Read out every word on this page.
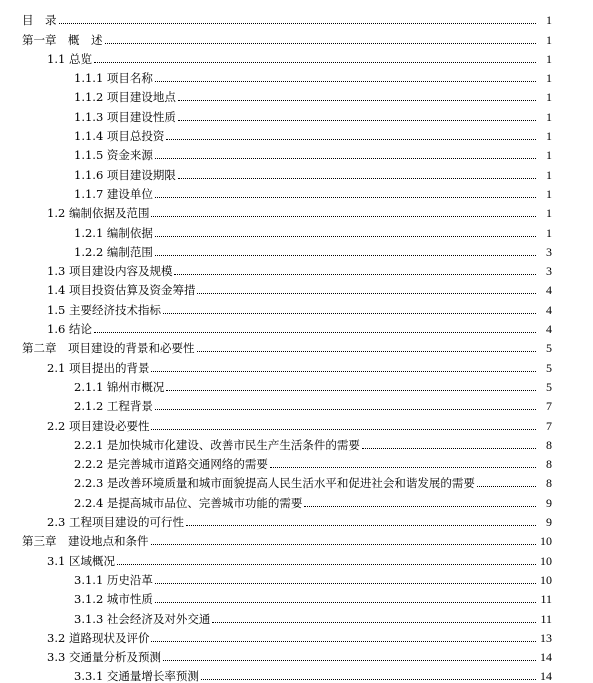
目　录	1
第一章　概　述	1
1.1 总览	1
1.1.1 项目名称	1
1.1.2 项目建设地点	1
1.1.3 项目建设性质	1
1.1.4 项目总投资	1
1.1.5 资金来源	1
1.1.6 项目建设期限	1
1.1.7 建设单位	1
1.2 编制依据及范围	1
1.2.1 编制依据	1
1.2.2 编制范围	3
1.3 项目建设内容及规模	3
1.4 项目投资估算及资金筹措	4
1.5 主要经济技术指标	4
1.6 结论	4
第二章　项目建设的背景和必要性	5
2.1 项目提出的背景	5
2.1.1 锦州市概况	5
2.1.2 工程背景	7
2.2 项目建设必要性	7
2.2.1 是加快城市化建设、改善市民生产生活条件的需要	8
2.2.2 是完善城市道路交通网络的需要	8
2.2.3 是改善环境质量和城市面貌提高人民生活水平和促进社会和谐发展的需要	8
2.2.4 是提高城市品位、完善城市功能的需要	9
2.3 工程项目建设的可行性	9
第三章　建设地点和条件	10
3.1 区域概况	10
3.1.1 历史沿革	10
3.1.2 城市性质	11
3.1.3 社会经济及对外交通	11
3.2 道路现状及评价	13
3.3 交通量分析及预测	14
3.3.1 交通量增长率预测	14
